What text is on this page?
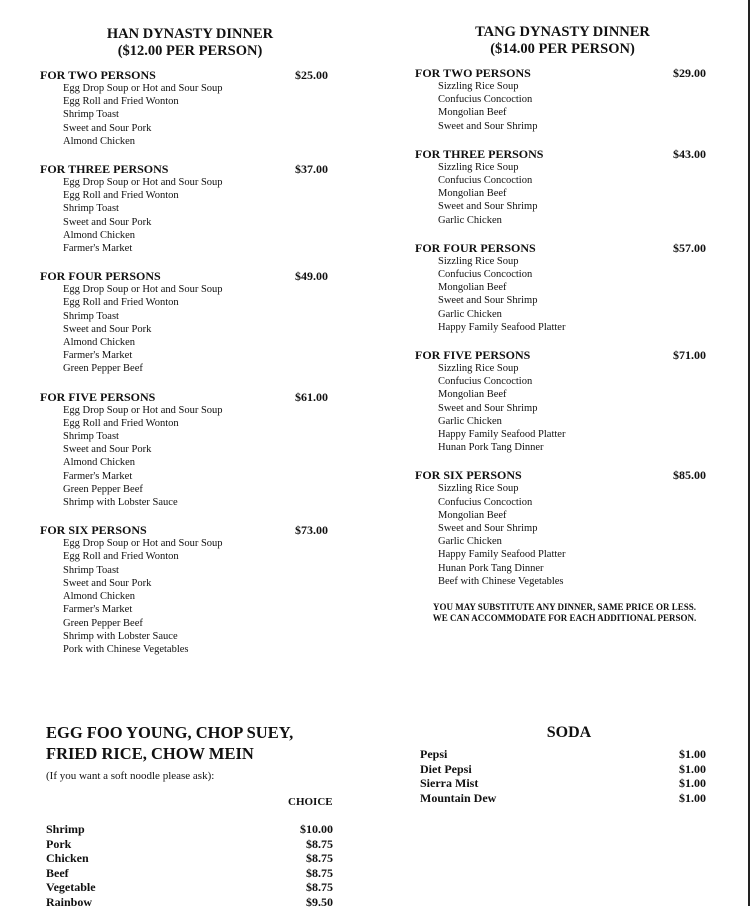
HAN DYNASTY DINNER
($12.00 PER PERSON)
FOR TWO PERSONS	$25.00
Egg Drop Soup or Hot and Sour Soup
Egg Roll and Fried Wonton
Shrimp Toast
Sweet and Sour Pork
Almond Chicken
FOR THREE PERSONS	$37.00
Egg Drop Soup or Hot and Sour Soup
Egg Roll and Fried Wonton
Shrimp Toast
Sweet and Sour Pork
Almond Chicken
Farmer's Market
FOR FOUR PERSONS	$49.00
Egg Drop Soup or Hot and Sour Soup
Egg Roll and Fried Wonton
Shrimp Toast
Sweet and Sour Pork
Almond Chicken
Farmer's Market
Green Pepper Beef
FOR FIVE PERSONS	$61.00
Egg Drop Soup or Hot and Sour Soup
Egg Roll and Fried Wonton
Shrimp Toast
Sweet and Sour Pork
Almond Chicken
Farmer's Market
Green Pepper Beef
Shrimp with Lobster Sauce
FOR SIX PERSONS	$73.00
Egg Drop Soup or Hot and Sour Soup
Egg Roll and Fried Wonton
Shrimp Toast
Sweet and Sour Pork
Almond Chicken
Farmer's Market
Green Pepper Beef
Shrimp with Lobster Sauce
Pork with Chinese Vegetables
TANG DYNASTY DINNER
($14.00 PER PERSON)
FOR TWO PERSONS	$29.00
Sizzling Rice Soup
Confucius Concoction
Mongolian Beef
Sweet and Sour Shrimp
FOR THREE PERSONS	$43.00
Sizzling Rice Soup
Confucius Concoction
Mongolian Beef
Sweet and Sour Shrimp
Garlic Chicken
FOR FOUR PERSONS	$57.00
Sizzling Rice Soup
Confucius Concoction
Mongolian Beef
Sweet and Sour Shrimp
Garlic Chicken
Happy Family Seafood Platter
FOR FIVE PERSONS	$71.00
Sizzling Rice Soup
Confucius Concoction
Mongolian Beef
Sweet and Sour Shrimp
Garlic Chicken
Happy Family Seafood Platter
Hunan Pork Tang Dinner
FOR SIX PERSONS	$85.00
Sizzling Rice Soup
Confucius Concoction
Mongolian Beef
Sweet and Sour Shrimp
Garlic Chicken
Happy Family Seafood Platter
Hunan Pork Tang Dinner
Beef with Chinese Vegetables
YOU MAY SUBSTITUTE ANY DINNER, SAME PRICE OR LESS.
WE CAN ACCOMMODATE FOR EACH ADDITIONAL PERSON.
EGG FOO YOUNG, CHOP SUEY,
FRIED RICE, CHOW MEIN
(If you want a soft noodle please ask):
CHOICE
Shrimp	$10.00
Pork	$8.75
Chicken	$8.75
Beef	$8.75
Vegetable	$8.75
Rainbow	$9.50
SODA
Pepsi	$1.00
Diet Pepsi	$1.00
Sierra Mist	$1.00
Mountain Dew	$1.00
